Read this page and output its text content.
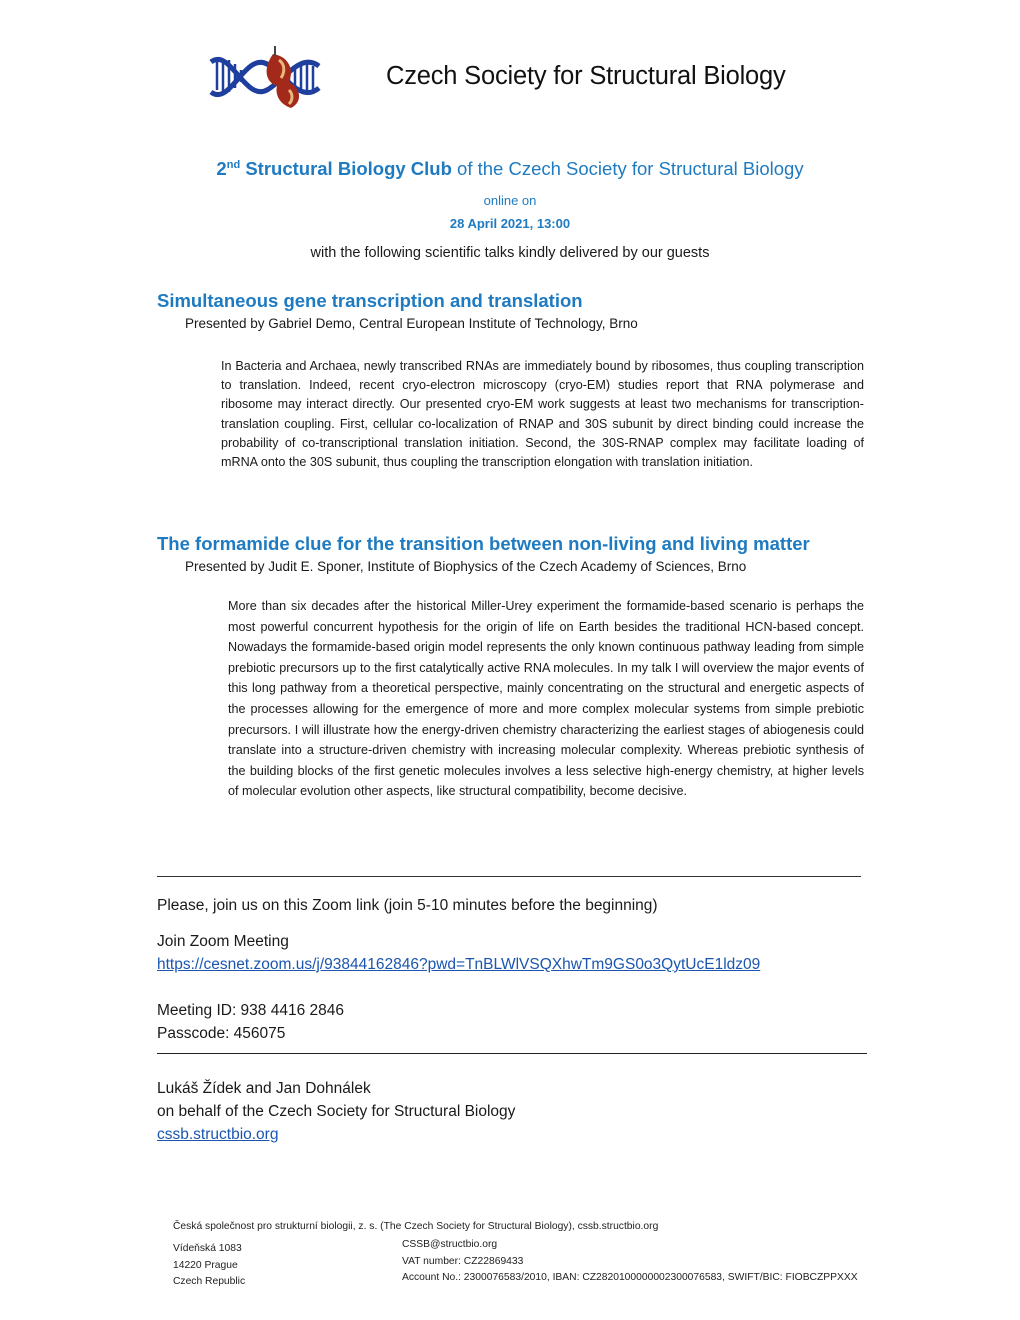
Czech Society for Structural Biology
2nd Structural Biology Club of the Czech Society for Structural Biology
online on
28 April 2021, 13:00
with the following scientific talks kindly delivered by our guests
Simultaneous gene transcription and translation
Presented by Gabriel Demo, Central European Institute of Technology, Brno
In Bacteria and Archaea, newly transcribed RNAs are immediately bound by ribosomes, thus coupling transcription to translation. Indeed, recent cryo-electron microscopy (cryo-EM) studies report that RNA polymerase and ribosome may interact directly. Our presented cryo-EM work suggests at least two mechanisms for transcription-translation coupling. First, cellular co-localization of RNAP and 30S subunit by direct binding could increase the probability of co-transcriptional translation initiation. Second, the 30S-RNAP complex may facilitate loading of mRNA onto the 30S subunit, thus coupling the transcription elongation with translation initiation.
The formamide clue for the transition between non-living and living matter
Presented by Judit E. Sponer, Institute of Biophysics of the Czech Academy of Sciences, Brno
More than six decades after the historical Miller-Urey experiment the formamide-based scenario is perhaps the most powerful concurrent hypothesis for the origin of life on Earth besides the traditional HCN-based concept. Nowadays the formamide-based origin model represents the only known continuous pathway leading from simple prebiotic precursors up to the first catalytically active RNA molecules. In my talk I will overview the major events of this long pathway from a theoretical perspective, mainly concentrating on the structural and energetic aspects of the processes allowing for the emergence of more and more complex molecular systems from simple prebiotic precursors. I will illustrate how the energy-driven chemistry characterizing the earliest stages of abiogenesis could translate into a structure-driven chemistry with increasing molecular complexity. Whereas prebiotic synthesis of the building blocks of the first genetic molecules involves a less selective high-energy chemistry, at higher levels of molecular evolution other aspects, like structural compatibility, become decisive.
Please, join us on this Zoom link (join 5-10 minutes before the beginning)
Join Zoom Meeting
https://cesnet.zoom.us/j/93844162846?pwd=TnBLWlVSQXhwTm9GS0o3QytUcE1ldz09
Meeting ID: 938 4416 2846
Passcode: 456075
Lukáš Žídek and Jan Dohnálek
on behalf of the Czech Society for Structural Biology
cssb.structbio.org
Česká společnost pro strukturní biologii, z. s. (The Czech Society for Structural Biology), cssb.structbio.org
Vídeňská 1083
14220 Prague
Czech Republic
CSSB@structbio.org
VAT number: CZ22869433
Account No.: 2300076583/2010, IBAN: CZ2820100000002300076583, SWIFT/BIC: FIOBCZPPXXX
